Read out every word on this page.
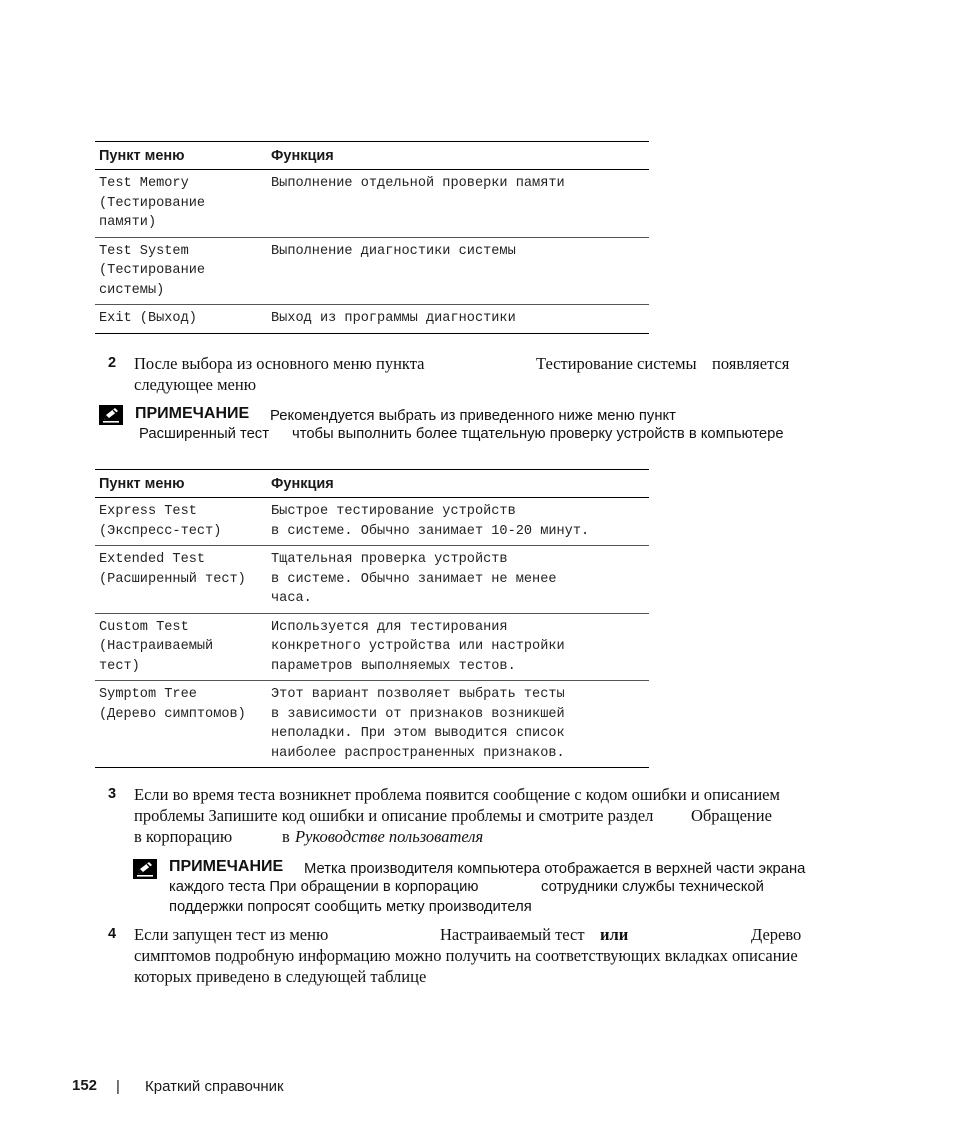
Пункт меню	Функция
Test Memory
(Тестирование
памяти)	Выполнение отдельной проверки памяти
Test System
(Тестирование
системы)	Выполнение диагностики системы
Exit (Выход)	Выход из программы диагностики
2 После выбора из основного меню пункта	Тестирование системы появляется
следующее меню
ПРИМЕЧАНИЕ Рекомендуется выбрать из приведенного ниже меню пункт
Расширенный тест чтобы выполнить более тщательную проверку устройств в компьютере
Пункт меню	Функция
Express Test
(Экспресс-тест)	Быстрое тестирование устройств
в системе. Обычно занимает 10-20 минут.
Extended Test
(Расширенный тест)	Тщательная проверка устройств
в системе. Обычно занимает не менее
часа.
Custom Test
(Настраиваемый
тест)	Используется для тестирования
конкретного устройства или настройки
параметров выполняемых тестов.
Symptom Tree
(Дерево симптомов)	Этот вариант позволяет выбрать тесты
в зависимости от признаков возникшей
неполадки. При этом выводится список
наиболее распространенных признаков.
3 Если во время теста возникнет проблема появится сообщение с кодом ошибки и описанием
проблемы Запишите код ошибки и описание проблемы и смотрите раздел Обращение
в корпорацию	в Руководстве пользователя
ПРИМЕЧАНИЕ Метка производителя компьютера отображается в верхней части экрана
каждого теста При обращении в корпорацию	сотрудники службы технической
поддержки попросят сообщить метку производителя
4 Если запущен тест из меню	Настраиваемый тест или	Дерево
симптомов подробную информацию можно получить на соответствующих вкладках описание
которых приведено в следующей таблице
152 | Краткий справочник
